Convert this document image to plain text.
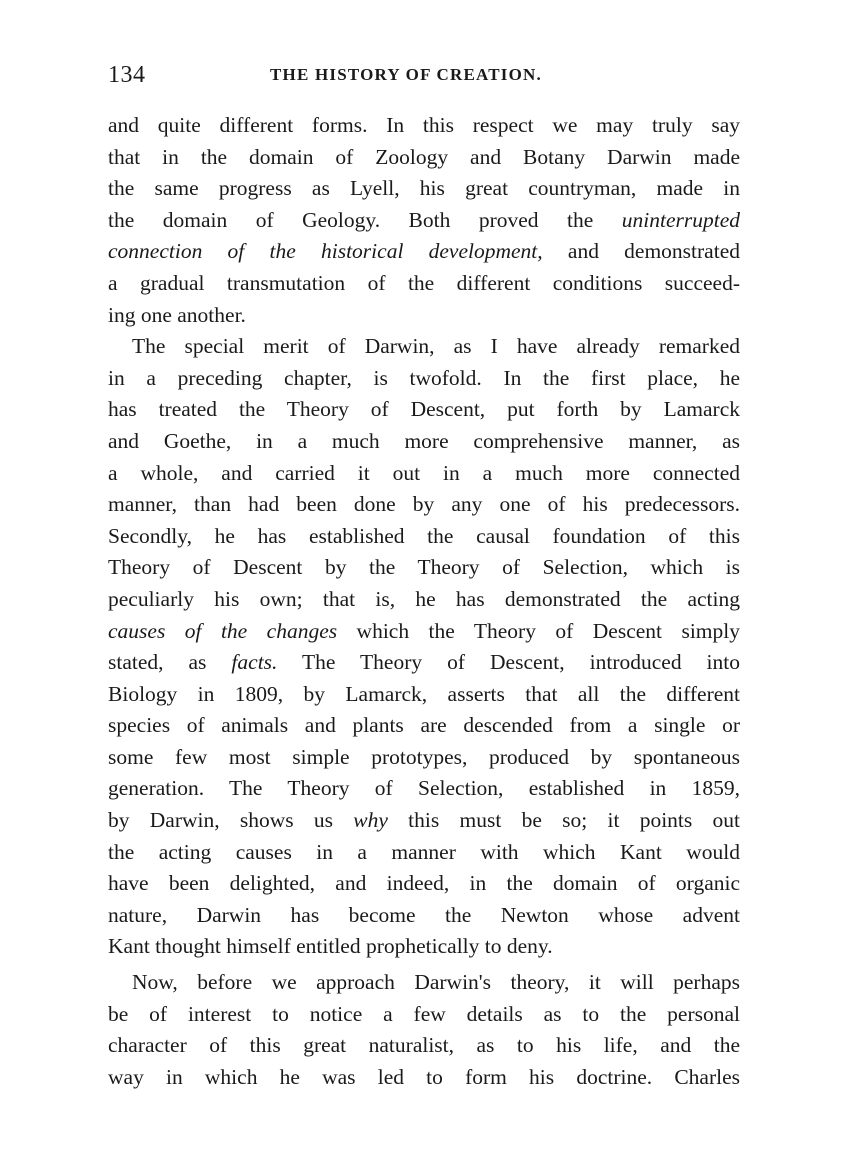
134	THE HISTORY OF CREATION.
and quite different forms. In this respect we may truly say
that in the domain of Zoology and Botany Darwin made
the same progress as Lyell, his great countryman, made in
the domain of Geology. Both proved the uninterrupted
connection of the historical development, and demonstrated
a gradual transmutation of the different conditions succeed-
ing one another.
The special merit of Darwin, as I have already remarked
in a preceding chapter, is twofold. In the first place, he
has treated the Theory of Descent, put forth by Lamarck
and Goethe, in a much more comprehensive manner, as
a whole, and carried it out in a much more connected
manner, than had been done by any one of his predecessors.
Secondly, he has established the causal foundation of this
Theory of Descent by the Theory of Selection, which is
peculiarly his own; that is, he has demonstrated the acting
causes of the changes which the Theory of Descent simply
stated, as facts. The Theory of Descent, introduced into
Biology in 1809, by Lamarck, asserts that all the different
species of animals and plants are descended from a single or
some few most simple prototypes, produced by spontaneous
generation. The Theory of Selection, established in 1859,
by Darwin, shows us why this must be so; it points out
the acting causes in a manner with which Kant would
have been delighted, and indeed, in the domain of organic
nature, Darwin has become the Newton whose advent
Kant thought himself entitled prophetically to deny.
Now, before we approach Darwin's theory, it will perhaps
be of interest to notice a few details as to the personal
character of this great naturalist, as to his life, and the
way in which he was led to form his doctrine. Charles
